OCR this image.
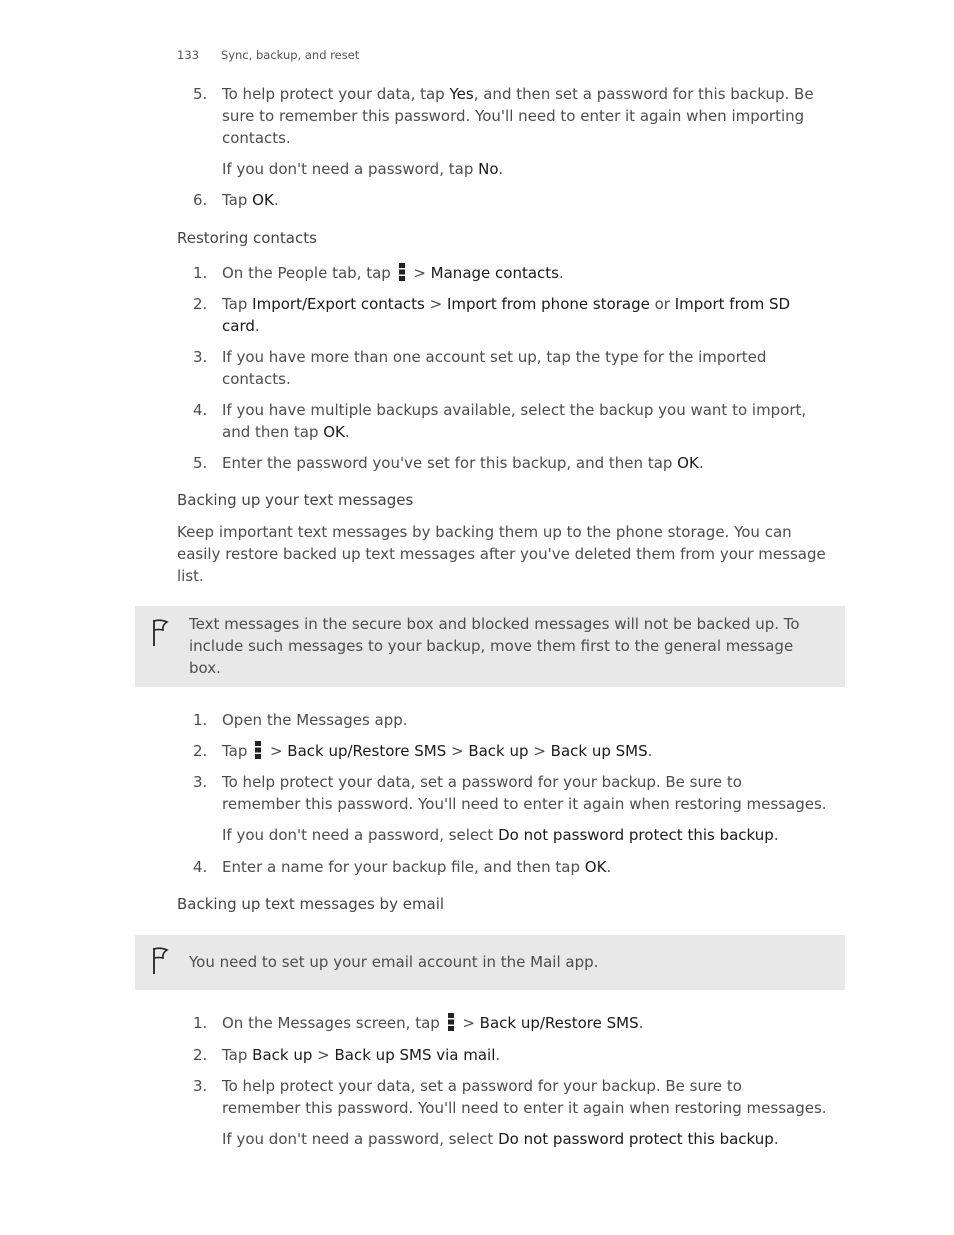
133 Sync, backup, and reset
5. To help protect your data, tap Yes, and then set a password for this backup. Be
sure to remember this password. You'll need to enter it again when importing
contacts.
If you don't need a password, tap No.
6. Tap OK.
Restoring contacts
1. On the People tab, tap  > Manage contacts.
2. Tap Import/Export contacts > Import from phone storage or Import from SD
card.
3. If you have more than one account set up, tap the type for the imported
contacts.
4. If you have multiple backups available, select the backup you want to import,
and then tap OK.
5. Enter the password you've set for this backup, and then tap OK.
Backing up your text messages
Keep important text messages by backing them up to the phone storage. You can
easily restore backed up text messages after you've deleted them from your message
list.
Text messages in the secure box and blocked messages will not be backed up. To
include such messages to your backup, move them first to the general message
box.
1. Open the Messages app.
2. Tap  > Back up/Restore SMS > Back up > Back up SMS.
3. To help protect your data, set a password for your backup. Be sure to
remember this password. You'll need to enter it again when restoring messages.
If you don't need a password, select Do not password protect this backup.
4. Enter a name for your backup file, and then tap OK.
Backing up text messages by email
You need to set up your email account in the Mail app.
1. On the Messages screen, tap  > Back up/Restore SMS.
2. Tap Back up > Back up SMS via mail.
3. To help protect your data, set a password for your backup. Be sure to
remember this password. You'll need to enter it again when restoring messages.
If you don't need a password, select Do not password protect this backup.
